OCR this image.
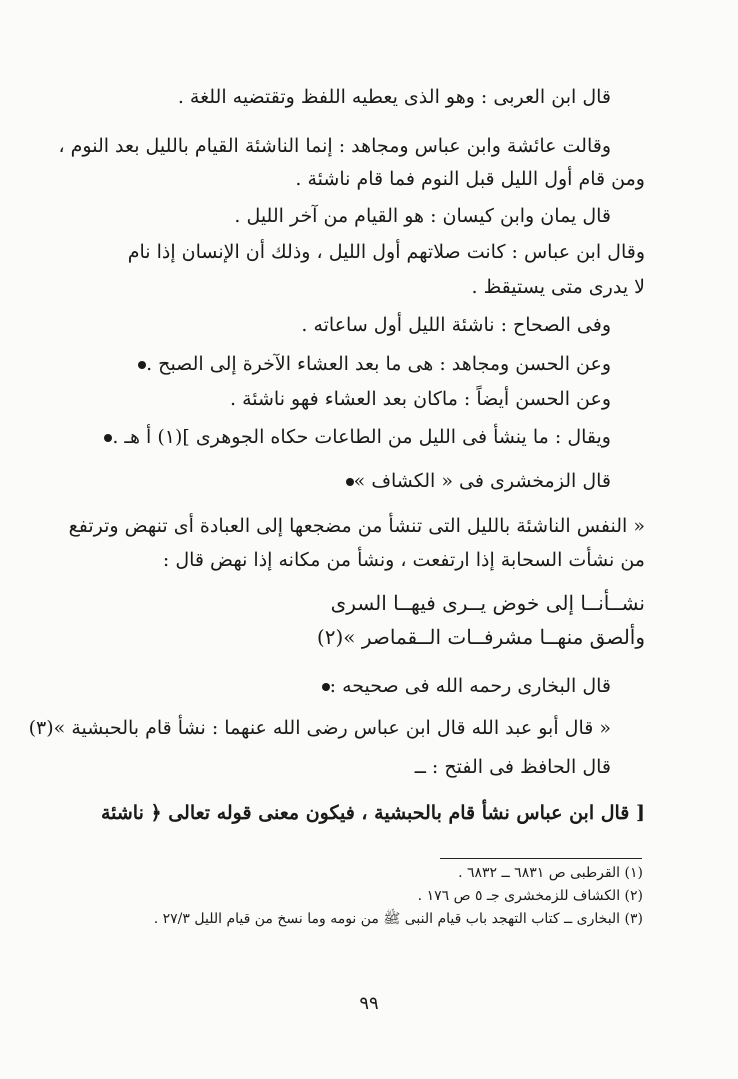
قال ابن العربى : وهو الذى يعطيه اللفظ وتقتضيه اللغة .
وقالت عائشة وابن عباس ومجاهد : إنما الناشئة القيام بالليل بعد النوم ،
ومن قام أول الليل قبل النوم فما قام ناشئة .
قال يمان وابن كيسان : هو القيام من آخر الليل .
وقال ابن عباس : كانت صلاتهم أول الليل ، وذلك أن الإنسان إذا نام
لا يدرى متى يستيقظ .
وفى الصحاح : ناشئة الليل أول ساعاته .
وعن الحسن ومجاهد : هى ما بعد العشاء الآخرة إلى الصبح .
وعن الحسن أيضاً : ماكان بعد العشاء فهو ناشئة .
ويقال : ما ينشأ فى الليل من الطاعات حكاه الجوهرى ](١) أ هـ .
قال الزمخشرى فى « الكشاف »
« النفس الناشئة بالليل التى تنشأ من مضجعها إلى العبادة أى تنهض وترتفع
من نشأت السحابة إذا ارتفعت ، ونشأ من مكانه إذا نهض قال :
نشــأنــا إلى خوض يــرى فيهــا السرى
وألصق منهــا مشرفــات الــقماصر »(٢)
قال البخارى رحمه الله فى صحيحه :
« قال أبو عبد الله قال ابن عباس رضى الله عنهما : نشأ قام بالحبشية »(٣)
قال الحافظ فى الفتح : ــ
[ قال ابن عباس نشأ قام بالحبشية ، فيكون معنى قوله تعالى ﴿ ناشئة
(١) القرطبى ص ٦٨٣١ ــ ٦٨٣٢ .
(٢) الكشاف للزمخشرى جـ ٥ ص ١٧٦ .
(٣) البخارى ــ كتاب التهجد باب قيام النبى ﷺ من نومه وما نسخ من قيام الليل ٢٧/٣ .
٩٩
